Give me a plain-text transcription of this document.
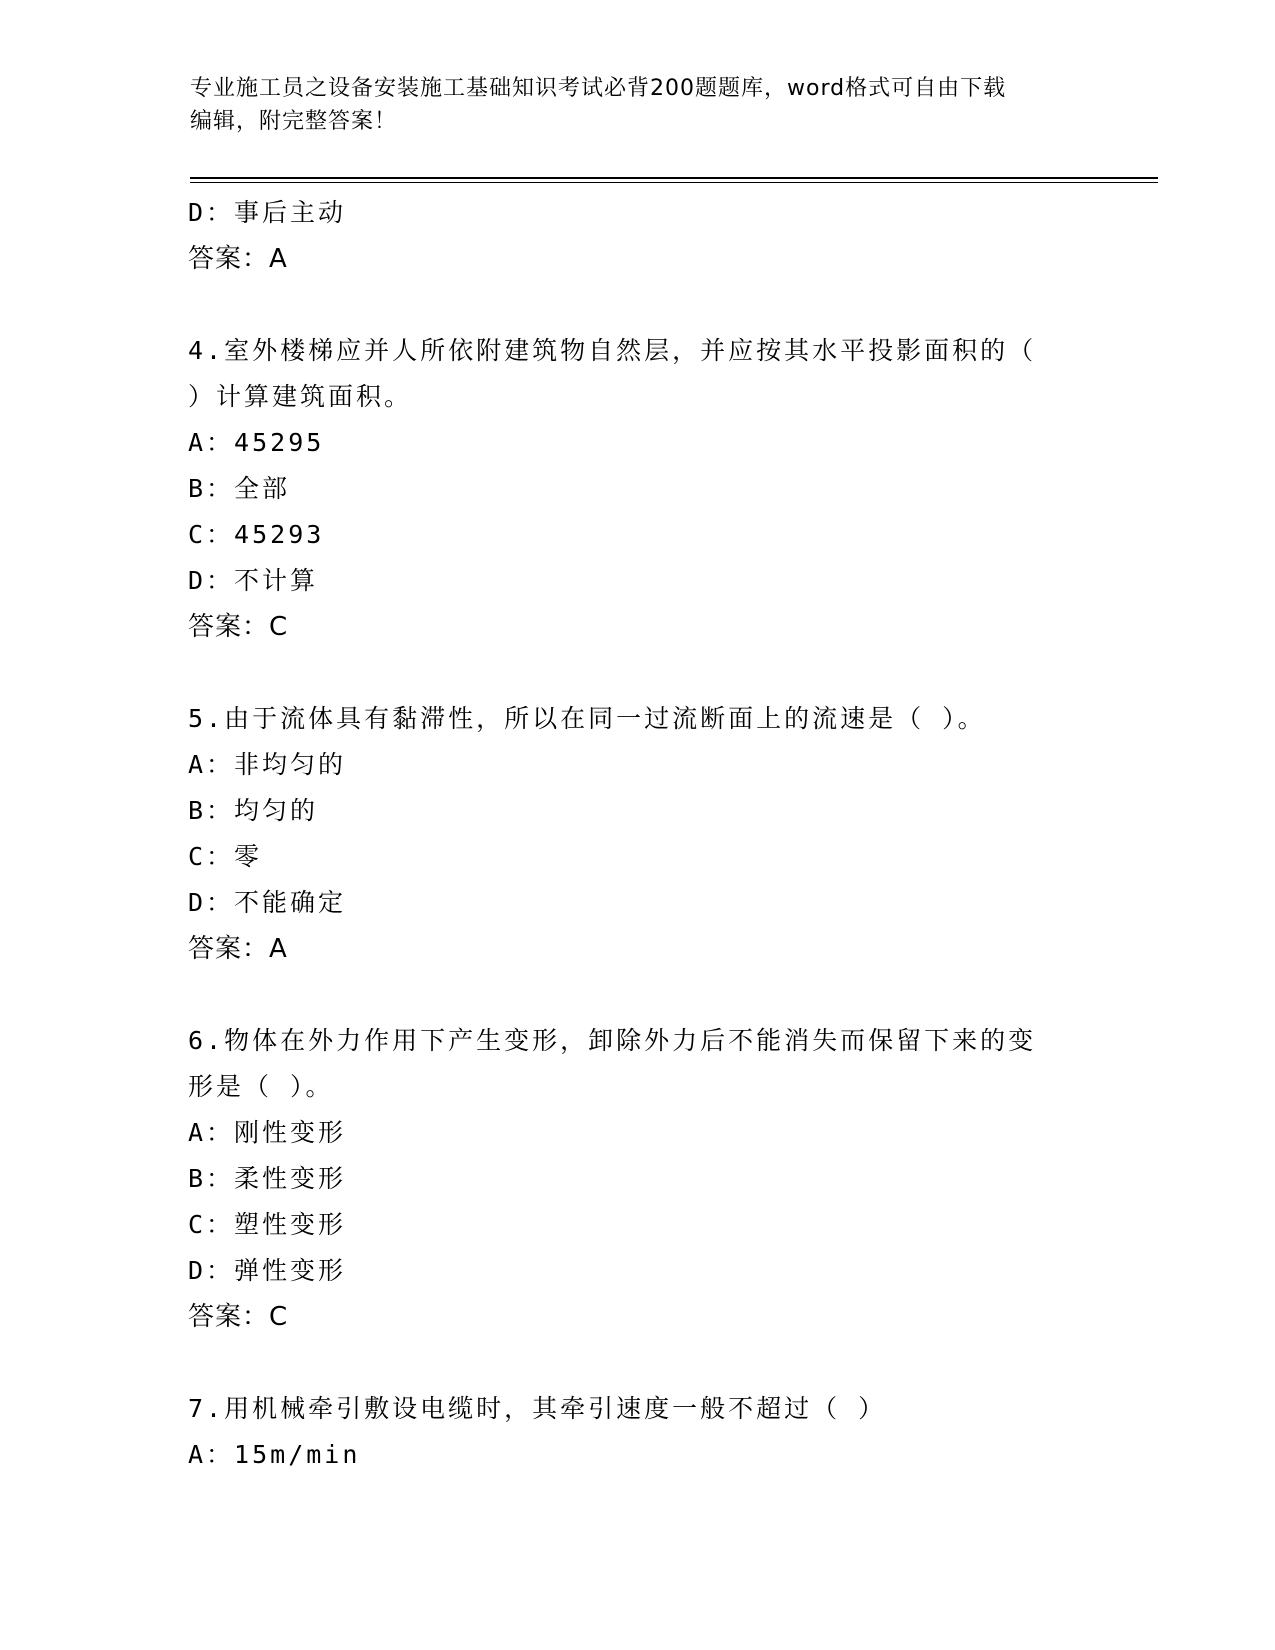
专业施工员之设备安装施工基础知识考试必背200题题库，word格式可自由下载
编辑，附完整答案！
D：事后主动
答案：A
4.室外楼梯应并人所依附建筑物自然层，并应按其水平投影面积的（
）计算建筑面积。
A：45295
B：全部
C：45293
D：不计算
答案：C
5.由于流体具有黏滞性，所以在同一过流断面上的流速是（ ）。
A：非均匀的
B：均匀的
C：零
D：不能确定
答案：A
6.物体在外力作用下产生变形，卸除外力后不能消失而保留下来的变
形是（ ）。
A：刚性变形
B：柔性变形
C：塑性变形
D：弹性变形
答案：C
7.用机械牵引敷设电缆时，其牵引速度一般不超过（ ）
A：15m/min
